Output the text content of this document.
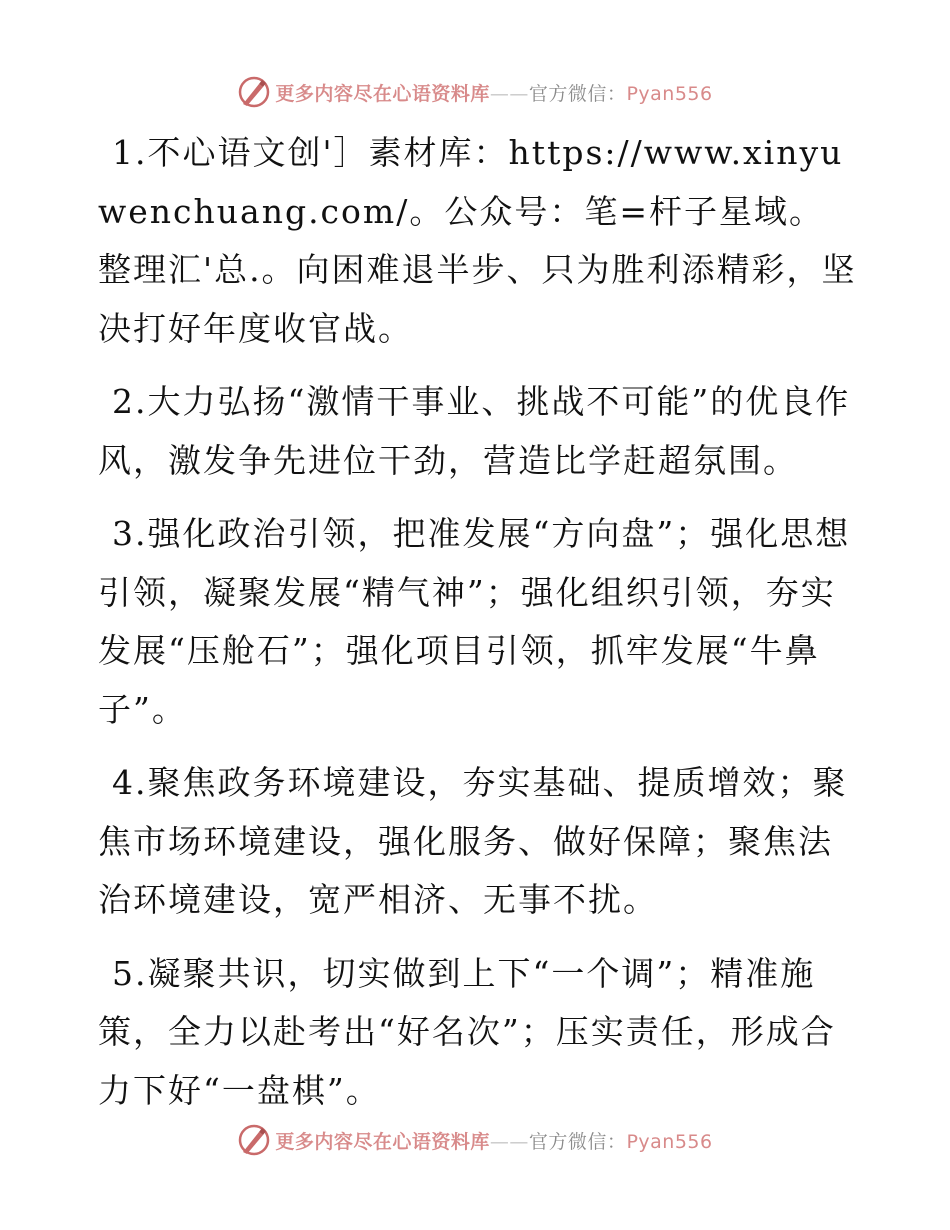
更多内容尽在心语资料库——官方微信：Pyan556

1.不心语文创'］素材库：https://www.xinyuwenchuang.com/。公众号：笔=杆子星域。整理汇'总.。向困难退半步、只为胜利添精彩，坚决打好年度收官战。

2.大力弘扬“激情干事业、挑战不可能”的优良作风，激发争先进位干劲，营造比学赶超氛围。

3.强化政治引领，把准发展“方向盘”；强化思想引领，凝聚发展“精气神”；强化组织引领，夯实发展“压舱石”；强化项目引领，抓牢发展“牛鼻子”。

4.聚焦政务环境建设，夯实基础、提质增效；聚焦市场环境建设，强化服务、做好保障；聚焦法治环境建设，宽严相济、无事不扰。

5.凝聚共识，切实做到上下“一个调”；精准施策，全力以赴考出“好名次”；压实责任，形成合力下好“一盘棋”。

更多内容尽在心语资料库——官方微信：Pyan556
